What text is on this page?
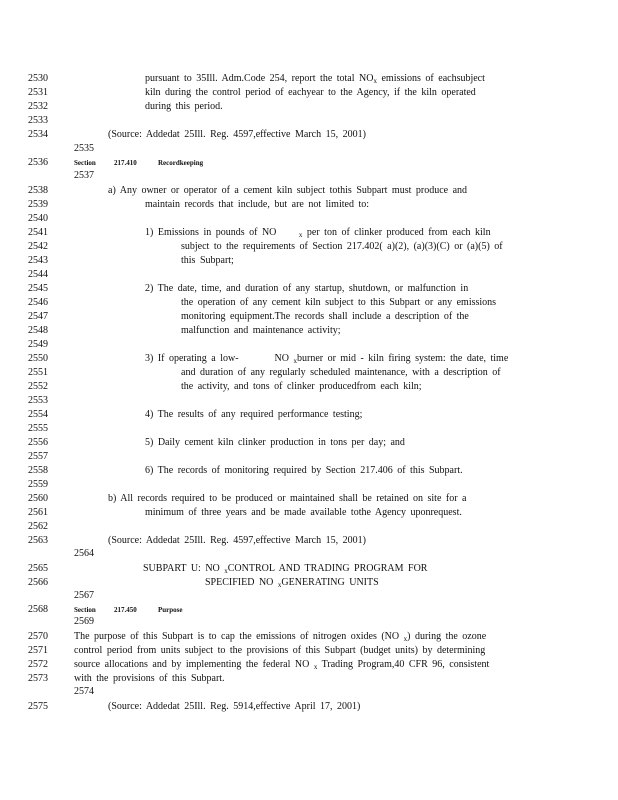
2530	pursuant to 35Ill. Adm.Code 254, report the total $NO_x$ emissions of eachsubject
2531	kiln during the control period of eachyear to the Agency, if the kiln operated
2532	during this period.
2533
2534	(Source: Addedat 25Ill. Reg. 4597,effective March 15, 2001)
2535
2536	Section	217.410	Recordkeeping
2537
2538	a) Any owner or operator of a cement kiln subject tothis Subpart must produce and
2539	maintain records that include, but are not limited to:
2540
2541	1) Emissions in pounds of NO	$_x$ per ton of clinker produced from each kiln
2542	subject to the requirements of Section 217.402( a)(2), (a)(3)(C) or (a)(5) of
2543	this Subpart;
2544
2545	2) The date, time, and duration of any startup, shutdown, or malfunction in
2546	the operation of any cement kiln subject to this Subpart or any emissions
2547	monitoring equipment.The records shall include a description of the
2548	malfunction and maintenance activity;
2549
2550	3) If operating a low-	NO $_x$burner or mid - kiln firing system: the date, time
2551	and duration of any regularly scheduled maintenance, with a description of
2552	the activity, and tons of clinker producedfrom each kiln;
2553
2554	4) The results of any required performance testing;
2555
2556	5) Daily cement kiln clinker production in tons per day; and
2557
2558	6) The records of monitoring required by Section 217.406 of this Subpart.
2559
2560	b) All records required to be produced or maintained shall be retained on site for a
2561	minimum of three years and be made available tothe Agency uponrequest.
2562
2563	(Source: Addedat 25Ill. Reg. 4597,effective March 15, 2001)
2564
2565	SUBPART U: NO $_x$CONTROL AND TRADING PROGRAM FOR
2566	SPECIFIED NO $_x$GENERATING UNITS
2567
2568	Section	217.450	Purpose
2569
2570	The purpose of this Subpart is to cap the emissions of nitrogen oxides (NO $_x$) during the ozone
2571	control period from units subject to the provisions of this Subpart (budget units) by determining
2572	source allocations and by implementing the federal NO $_x$ Trading Program,40 CFR 96, consistent
2573	with the provisions of this Subpart.
2574
2575	(Source: Addedat 25Ill. Reg. 5914,effective April 17, 2001)
